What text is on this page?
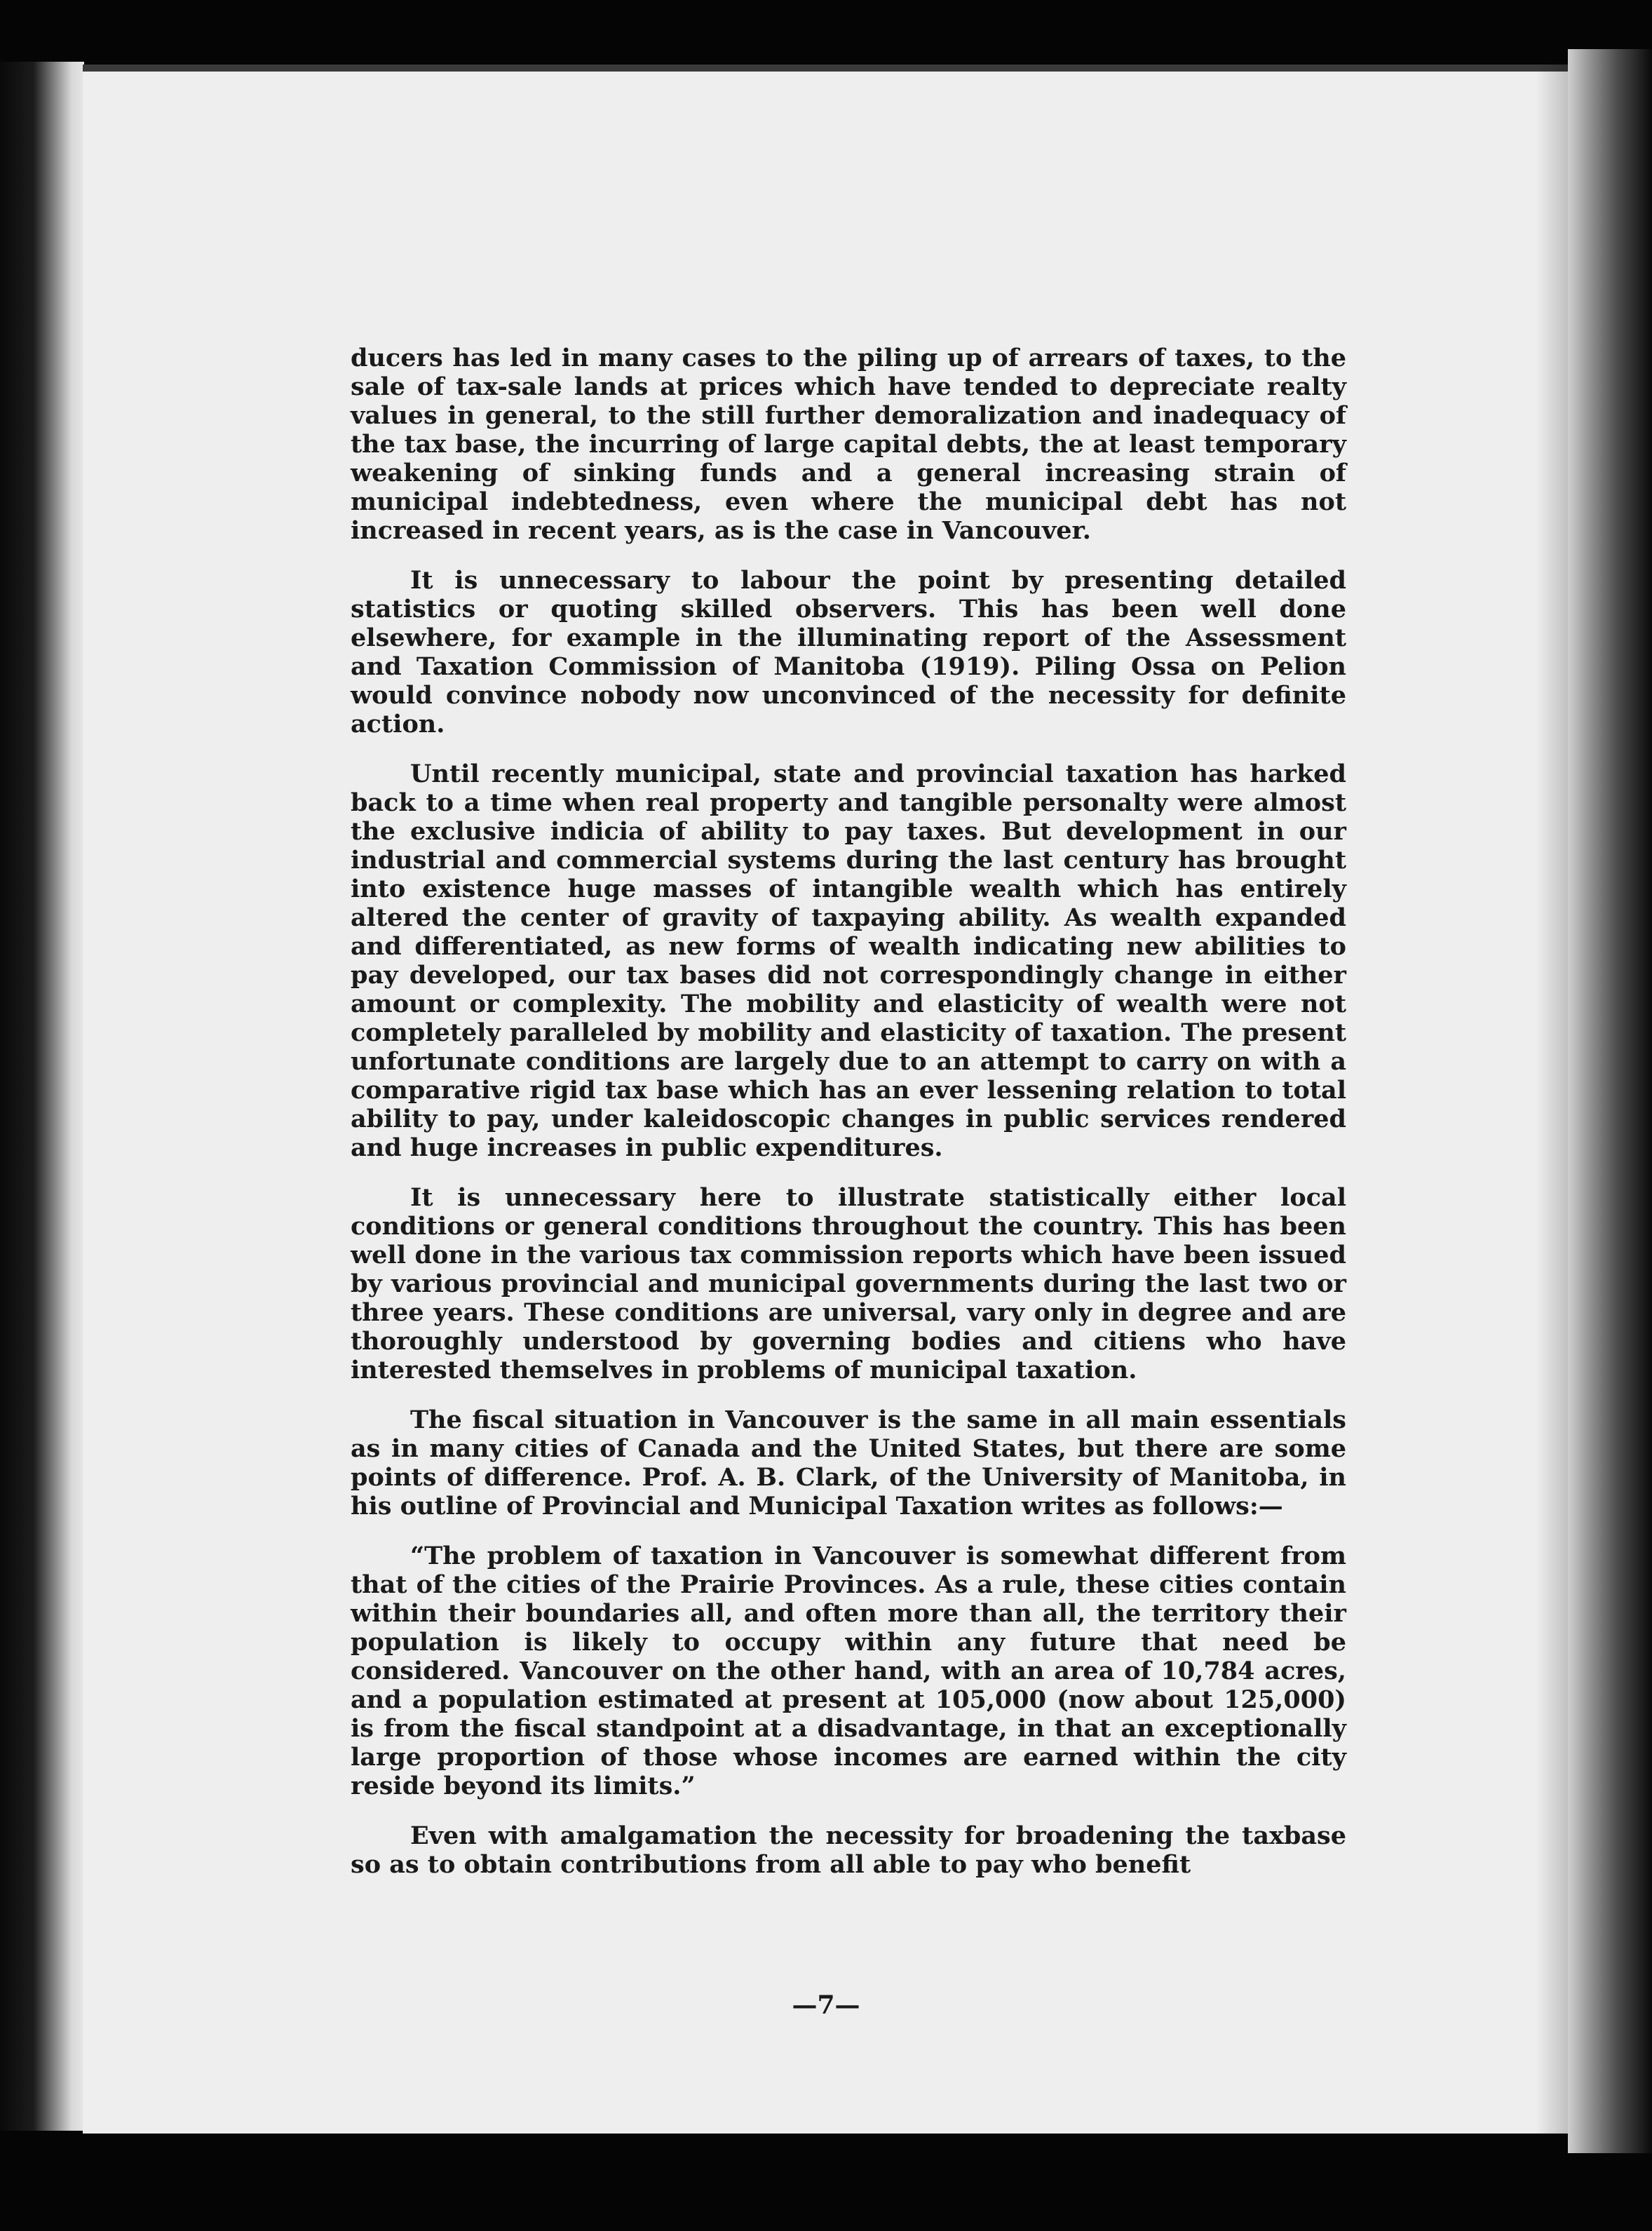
ducers has led in many cases to the piling up of arrears of taxes, to the sale of tax-sale lands at prices which have tended to depreciate realty values in general, to the still further demoralization and inadequacy of the tax base, the incurring of large capital debts, the at least temporary weakening of sinking funds and a general increasing strain of municipal indebtedness, even where the municipal debt has not increased in recent years, as is the case in Vancouver.

It is unnecessary to labour the point by presenting detailed statistics or quoting skilled observers. This has been well done elsewhere, for example in the illuminating report of the Assessment and Taxation Commission of Manitoba (1919). Piling Ossa on Pelion would convince nobody now unconvinced of the necessity for definite action.

Until recently municipal, state and provincial taxation has harked back to a time when real property and tangible personalty were almost the exclusive indicia of ability to pay taxes. But development in our industrial and commercial systems during the last century has brought into existence huge masses of intangible wealth which has entirely altered the center of gravity of taxpaying ability. As wealth expanded and differentiated, as new forms of wealth indicating new abilities to pay developed, our tax bases did not correspondingly change in either amount or complexity. The mobility and elasticity of wealth were not completely paralleled by mobility and elasticity of taxation. The present unfortunate conditions are largely due to an attempt to carry on with a comparative rigid tax base which has an ever lessening relation to total ability to pay, under kaleidoscopic changes in public services rendered and huge increases in public expenditures.

It is unnecessary here to illustrate statistically either local conditions or general conditions throughout the country. This has been well done in the various tax commission reports which have been issued by various provincial and municipal governments during the last two or three years. These conditions are universal, vary only in degree and are thoroughly understood by governing bodies and citiens who have interested themselves in problems of municipal taxation.

The fiscal situation in Vancouver is the same in all main essentials as in many cities of Canada and the United States, but there are some points of difference. Prof. A. B. Clark, of the University of Manitoba, in his outline of Provincial and Municipal Taxation writes as follows:—

“The problem of taxation in Vancouver is somewhat different from that of the cities of the Prairie Provinces. As a rule, these cities contain within their boundaries all, and often more than all, the territory their population is likely to occupy within any future that need be considered. Vancouver on the other hand, with an area of 10,784 acres, and a population estimated at present at 105,000 (now about 125,000) is from the fiscal standpoint at a disadvantage, in that an exceptionally large proportion of those whose incomes are earned within the city reside beyond its limits.”

Even with amalgamation the necessity for broadening the taxbase so as to obtain contributions from all able to pay who benefit

—7—
